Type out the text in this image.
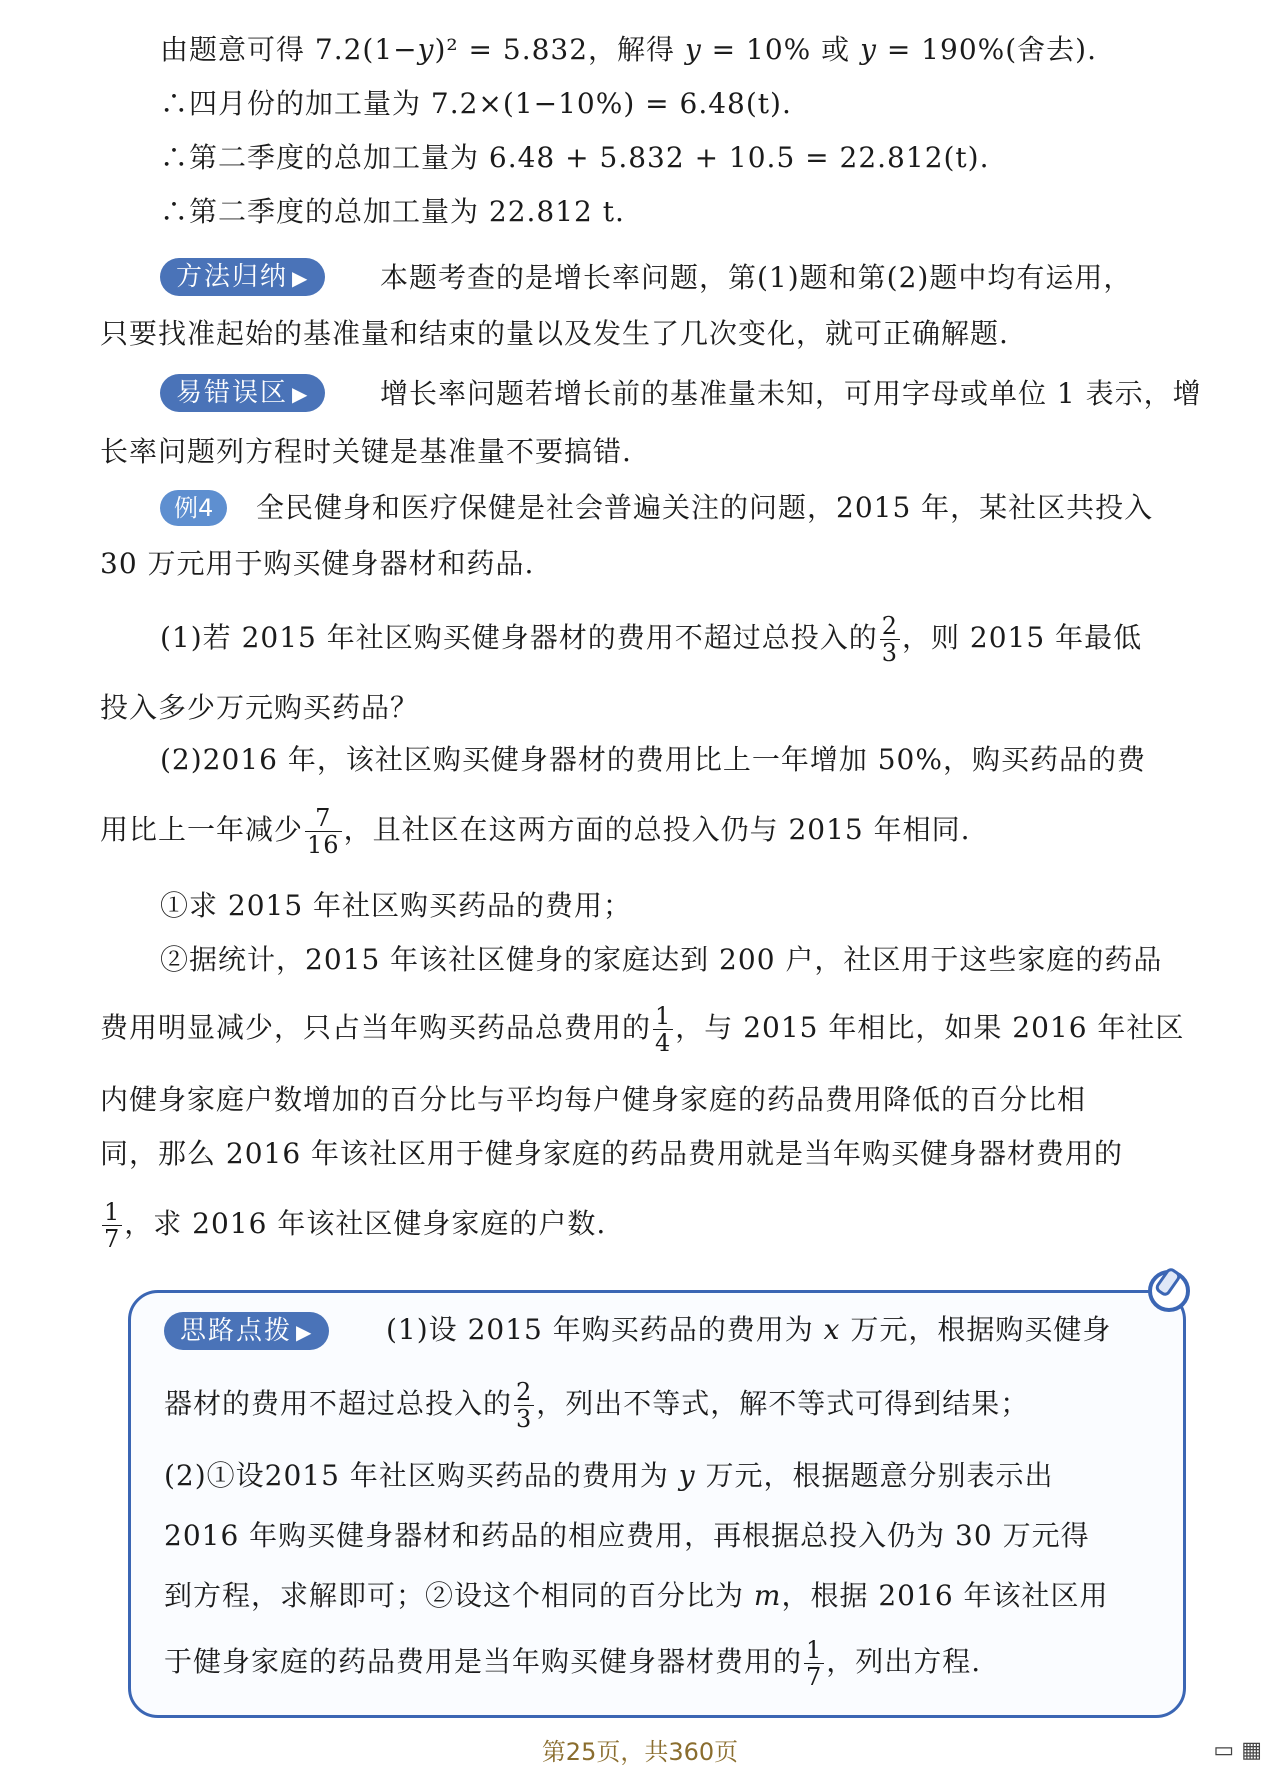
由题意可得 7.2(1−y)² = 5.832，解得 y = 10% 或 y = 190%(舍去).
∴四月份的加工量为 7.2×(1−10%) = 6.48(t).
∴第二季度的总加工量为 6.48 + 5.832 + 10.5 = 22.812(t).
∴第二季度的总加工量为 22.812 t.
方法归纳 ▶	本题考查的是增长率问题，第(1)题和第(2)题中均有运用，
只要找准起始的基准量和结束的量以及发生了几次变化，就可正确解题.
易错误区 ▶	增长率问题若增长前的基准量未知，可用字母或单位 1 表示，增
长率问题列方程时关键是基准量不要搞错.
例4	全民健身和医疗保健是社会普遍关注的问题，2015 年，某社区共投入
30 万元用于购买健身器材和药品.
(1)若 2015 年社区购买健身器材的费用不超过总投入的 $\frac{2}{3}$ ，则 2015 年最低
投入多少万元购买药品？
(2)2016 年，该社区购买健身器材的费用比上一年增加 50%，购买药品的费
用比上一年减少 $\frac{7}{16}$ ，且社区在这两方面的总投入仍与 2015 年相同.
①求 2015 年社区购买药品的费用；
②据统计，2015 年该社区健身的家庭达到 200 户，社区用于这些家庭的药品
费用明显减少，只占当年购买药品总费用的 $\frac{1}{4}$ ，与 2015 年相比，如果 2016 年社区
内健身家庭户数增加的百分比与平均每户健身家庭的药品费用降低的百分比相
同，那么 2016 年该社区用于健身家庭的药品费用就是当年购买健身器材费用的
$\frac{1}{7}$ ，求 2016 年该社区健身家庭的户数.
思路点拨 ▶	(1)设 2015 年购买药品的费用为 x 万元，根据购买健身
器材的费用不超过总投入的 $\frac{2}{3}$ ，列出不等式，解不等式可得到结果；
(2)①设2015 年社区购买药品的费用为 y 万元，根据题意分别表示出
2016 年购买健身器材和药品的相应费用，再根据总投入仍为 30 万元得
到方程，求解即可；②设这个相同的百分比为 m，根据 2016 年该社区用
于健身家庭的药品费用是当年购买健身器材费用的 $\frac{1}{7}$ ，列出方程.
第25页，共360页	▭ ▦
